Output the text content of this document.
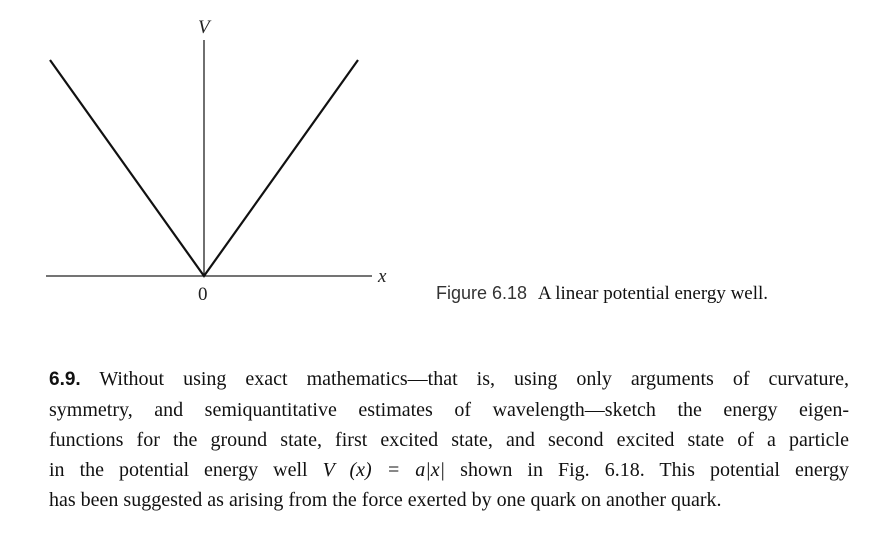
V
x
0	Figure 6.18 A linear potential energy well.
6.9. Without using exact mathematics—that is, using only arguments of curvature,
symmetry, and semiquantitative estimates of wavelength—sketch the energy eigen-
functions for the ground state, first excited state, and second excited state of a particle
in the potential energy well V (x) = a|x| shown in Fig. 6.18. This potential energy
has been suggested as arising from the force exerted by one quark on another quark.
